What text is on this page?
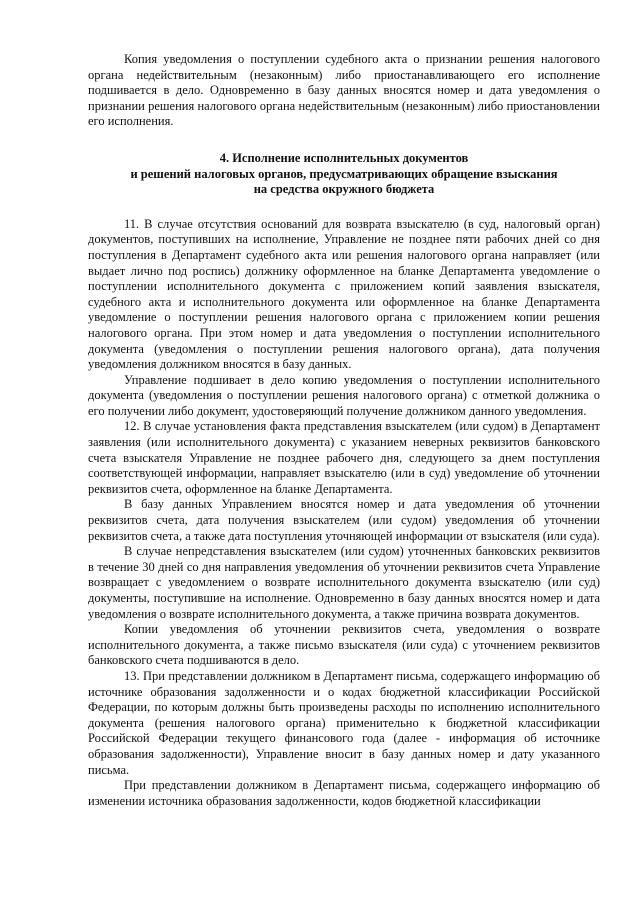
Копия уведомления о поступлении судебного акта о признании решения налогового органа недействительным (незаконным) либо приостанавливающего его исполнение подшивается в дело. Одновременно в базу данных вносятся номер и дата уведомления о признании решения налогового органа недействительным (незаконным) либо приостановлении его исполнения.

4. Исполнение исполнительных документов
и решений налоговых органов, предусматривающих обращение взыскания
на средства окружного бюджета

11. В случае отсутствия оснований для возврата взыскателю (в суд, налоговый орган) документов, поступивших на исполнение, Управление не позднее пяти рабочих дней со дня поступления в Департамент судебного акта или решения налогового органа направляет (или выдает лично под роспись) должнику оформленное на бланке Департамента уведомление о поступлении исполнительного документа с приложением копий заявления взыскателя, судебного акта и исполнительного документа или оформленное на бланке Департамента уведомление о поступлении решения налогового органа с приложением копии решения налогового органа. При этом номер и дата уведомления о поступлении исполнительного документа (уведомления о поступлении решения налогового органа), дата получения уведомления должником вносятся в базу данных.

Управление подшивает в дело копию уведомления о поступлении исполнительного документа (уведомления о поступлении решения налогового органа) с отметкой должника о его получении либо документ, удостоверяющий получение должником данного уведомления.

12. В случае установления факта представления взыскателем (или судом) в Департамент заявления (или исполнительного документа) с указанием неверных реквизитов банковского счета взыскателя Управление не позднее рабочего дня, следующего за днем поступления соответствующей информации, направляет взыскателю (или в суд) уведомление об уточнении реквизитов счета, оформленное на бланке Департамента.

В базу данных Управлением вносятся номер и дата уведомления об уточнении реквизитов счета, дата получения взыскателем (или судом) уведомления об уточнении реквизитов счета, а также дата поступления уточняющей информации от взыскателя (или суда).

В случае непредставления взыскателем (или судом) уточненных банковских реквизитов в течение 30 дней со дня направления уведомления об уточнении реквизитов счета Управление возвращает с уведомлением о возврате исполнительного документа взыскателю (или суд) документы, поступившие на исполнение. Одновременно в базу данных вносятся номер и дата уведомления о возврате исполнительного документа, а также причина возврата документов.

Копии уведомления об уточнении реквизитов счета, уведомления о возврате исполнительного документа, а также письмо взыскателя (или суда) с уточнением реквизитов банковского счета подшиваются в дело.

13. При представлении должником в Департамент письма, содержащего информацию об источнике образования задолженности и о кодах бюджетной классификации Российской Федерации, по которым должны быть произведены расходы по исполнению исполнительного документа (решения налогового органа) применительно к бюджетной классификации Российской Федерации текущего финансового года (далее - информация об источнике образования задолженности), Управление вносит в базу данных номер и дату указанного письма.

При представлении должником в Департамент письма, содержащего информацию об изменении источника образования задолженности, кодов бюджетной классификации
